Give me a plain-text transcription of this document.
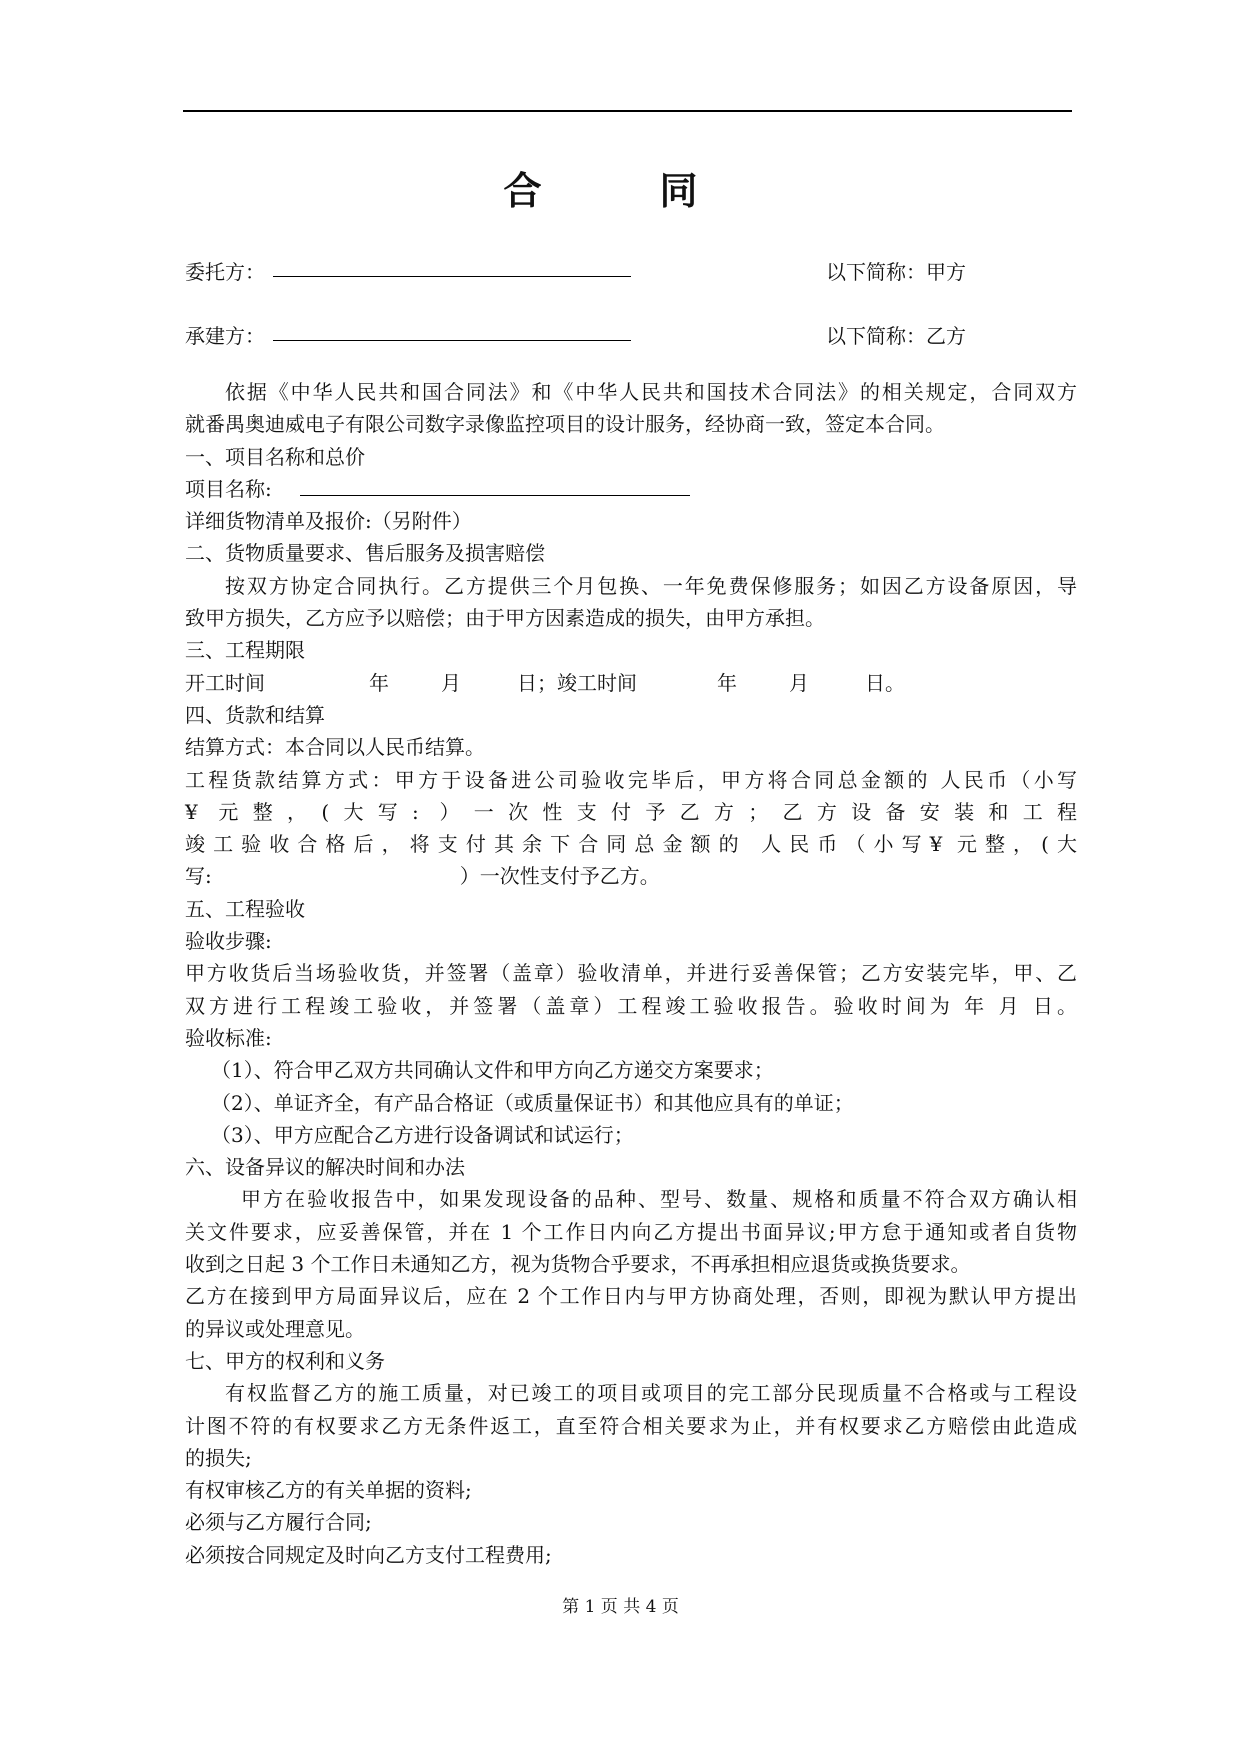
合　同
委托方：	以下简称：甲方
承建方：	以下简称：乙方

依据《中华人民共和国合同法》和《中华人民共和国技术合同法》的相关规定，合同双方

就番禺奥迪威电子有限公司数字录像监控项目的设计服务，经协商一致，签定本合同。

一、项目名称和总价

项目名称:

详细货物清单及报价:（另附件）

二、货物质量要求、售后服务及损害赔偿

按双方协定合同执行。乙方提供三个月包换、一年免费保修服务；如因乙方设备原因，导

致甲方损失，乙方应予以赔偿；由于甲方因素造成的损失，由甲方承担。

三、工程期限

开工时间	年	月	日；竣工时间	年	月	日。

四、货款和结算

结算方式：本合同以人民币结算。

工程货款结算方式：甲方于设备进公司验收完毕后，甲方将合同总金额的 人民币（小写

¥ 元整，(大写: ）一次性支付予乙方；乙方设备安装和工程

竣工验收合格后，将支付其余下合同总金额的 人民币（小写¥ 元整，(大

写:	）一次性支付予乙方。

五、工程验收

验收步骤:

甲方收货后当场验收货，并签署（盖章）验收清单，并进行妥善保管；乙方安装完毕，甲、乙

双方进行工程竣工验收，并签署（盖章）工程竣工验收报告。验收时间为 年 月 日。

验收标准:

（1）、符合甲乙双方共同确认文件和甲方向乙方递交方案要求；

（2）、单证齐全，有产品合格证（或质量保证书）和其他应具有的单证；

（3）、甲方应配合乙方进行设备调试和试运行；

六、设备异议的解决时间和办法

甲方在验收报告中，如果发现设备的品种、型号、数量、规格和质量不符合双方确认相

关文件要求，应妥善保管，并在 1 个工作日内向乙方提出书面异议;甲方怠于通知或者自货物

收到之日起 3 个工作日未通知乙方，视为货物合乎要求，不再承担相应退货或换货要求。

乙方在接到甲方局面异议后，应在 2 个工作日内与甲方协商处理，否则，即视为默认甲方提出

的异议或处理意见。

七、甲方的权利和义务

有权监督乙方的施工质量，对已竣工的项目或项目的完工部分民现质量不合格或与工程设

计图不符的有权要求乙方无条件返工，直至符合相关要求为止，并有权要求乙方赔偿由此造成

的损失;

有权审核乙方的有关单据的资料;

必须与乙方履行合同;

必须按合同规定及时向乙方支付工程费用;

第 1 页 共 4 页
